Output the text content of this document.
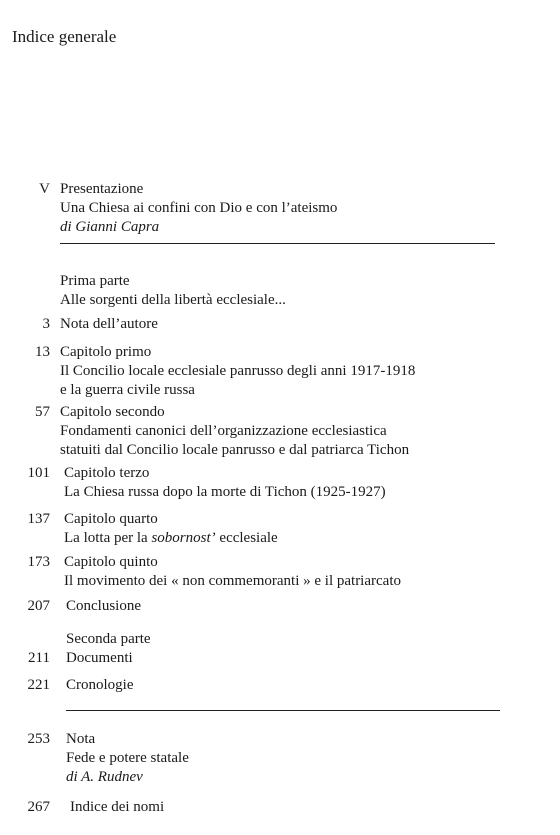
Indice generale
V Presentazione
Una Chiesa ai confini con Dio e con l’ateismo
di Gianni Capra
Prima parte
Alle sorgenti della libertà ecclesiale...
3 Nota dell’autore
13 Capitolo primo
Il Concilio locale ecclesiale panrusso degli anni 1917-1918
e la guerra civile russa
57 Capitolo secondo
Fondamenti canonici dell’organizzazione ecclesiastica
statuiti dal Concilio locale panrusso e dal patriarca Tichon
101 Capitolo terzo
La Chiesa russa dopo la morte di Tichon (1925-1927)
137 Capitolo quarto
La lotta per la sobornost’ ecclesiale
173 Capitolo quinto
Il movimento dei « non commemoranti » e il patriarcato
207 Conclusione
Seconda parte
211 Documenti
221 Cronologie
253 Nota
Fede e potere statale
di A. Rudnev
267 Indice dei nomi
